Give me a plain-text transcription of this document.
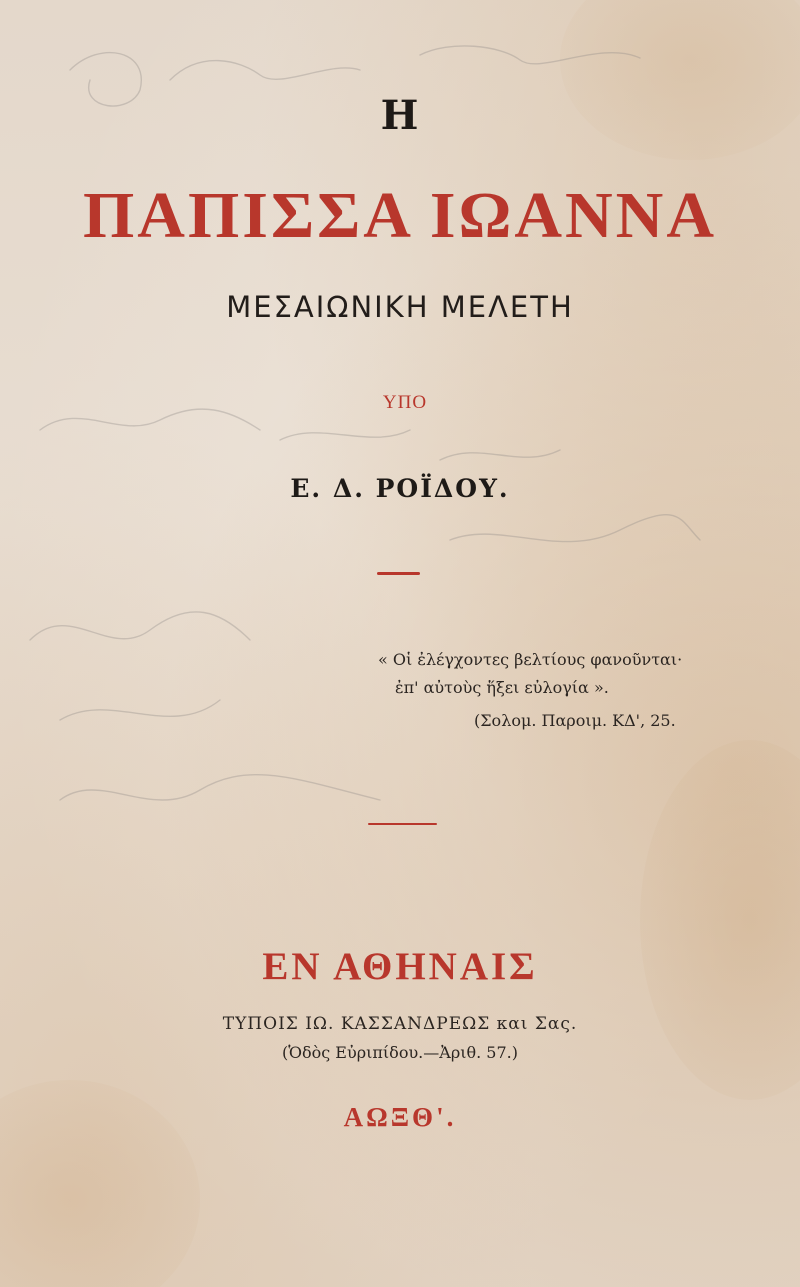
Η
ΠΑΠΙΣΣΑ ΙΩΑΝΝΑ
ΜΕΣΑΙΩΝΙΚΗ ΜΕΛΕΤΗ
ΥΠΟ
Ε. Δ. ΡΟΪΔΟΥ.
« Οἱ ἐλέγχοντες βελτίους φανοῦνται·
ἐπ' αὐτοὺς ἥξει εὐλογία ».
(Σολομ. Παροιμ. ΚΔ', 25.
ΕΝ ΑΘΗΝΑΙΣ
ΤΥΠΟΙΣ ΙΩ. ΚΑΣΣΑΝΔΡΕΩΣ και Σας.
(Ὁδὸς Εὐριπίδου.—Ἀριθ. 57.)
ΑΩΞΘ'.
